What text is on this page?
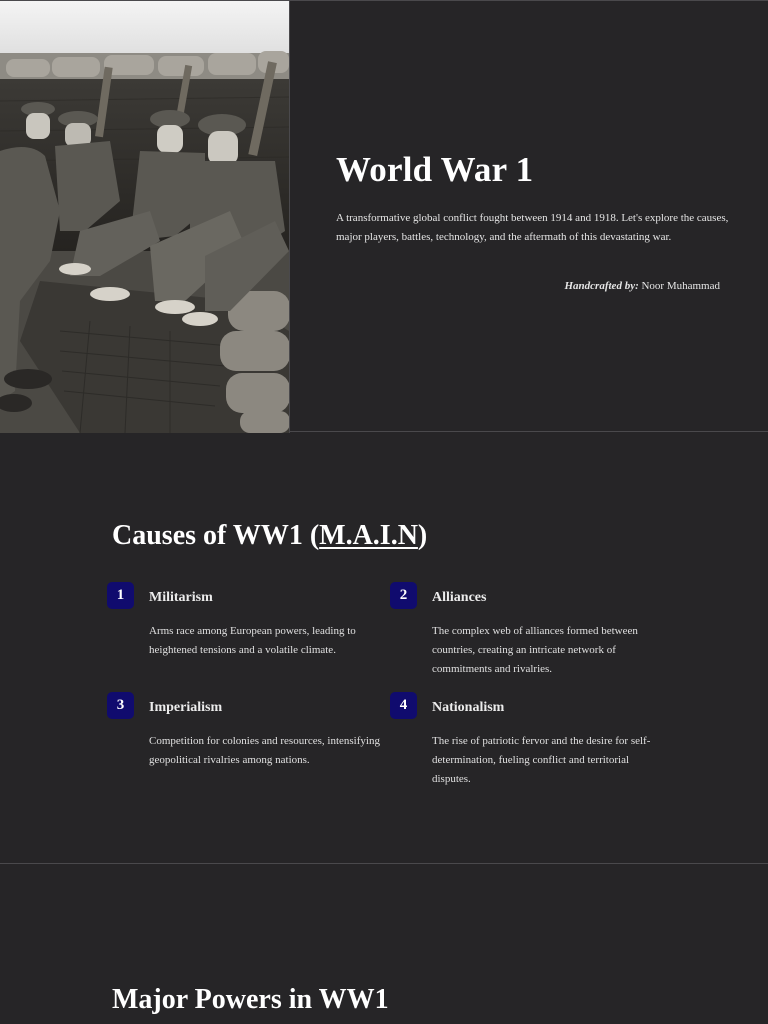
World War 1

A transformative global conflict fought between 1914 and 1918. Let's explore the causes, major players, battles, technology, and the aftermath of this devastating war.

Handcrafted by: Noor Muhammad

Causes of WW1 (M.A.I.N)
1	Militarism
Arms race among European powers, leading to heightened tensions and a volatile climate.
2	Alliances
The complex web of alliances formed between countries, creating an intricate network of commitments and rivalries.
3	Imperialism
Competition for colonies and resources, intensifying geopolitical rivalries among nations.
4	Nationalism
The rise of patriotic fervor and the desire for self-determination, fueling conflict and territorial disputes.
Major Powers in WW1
